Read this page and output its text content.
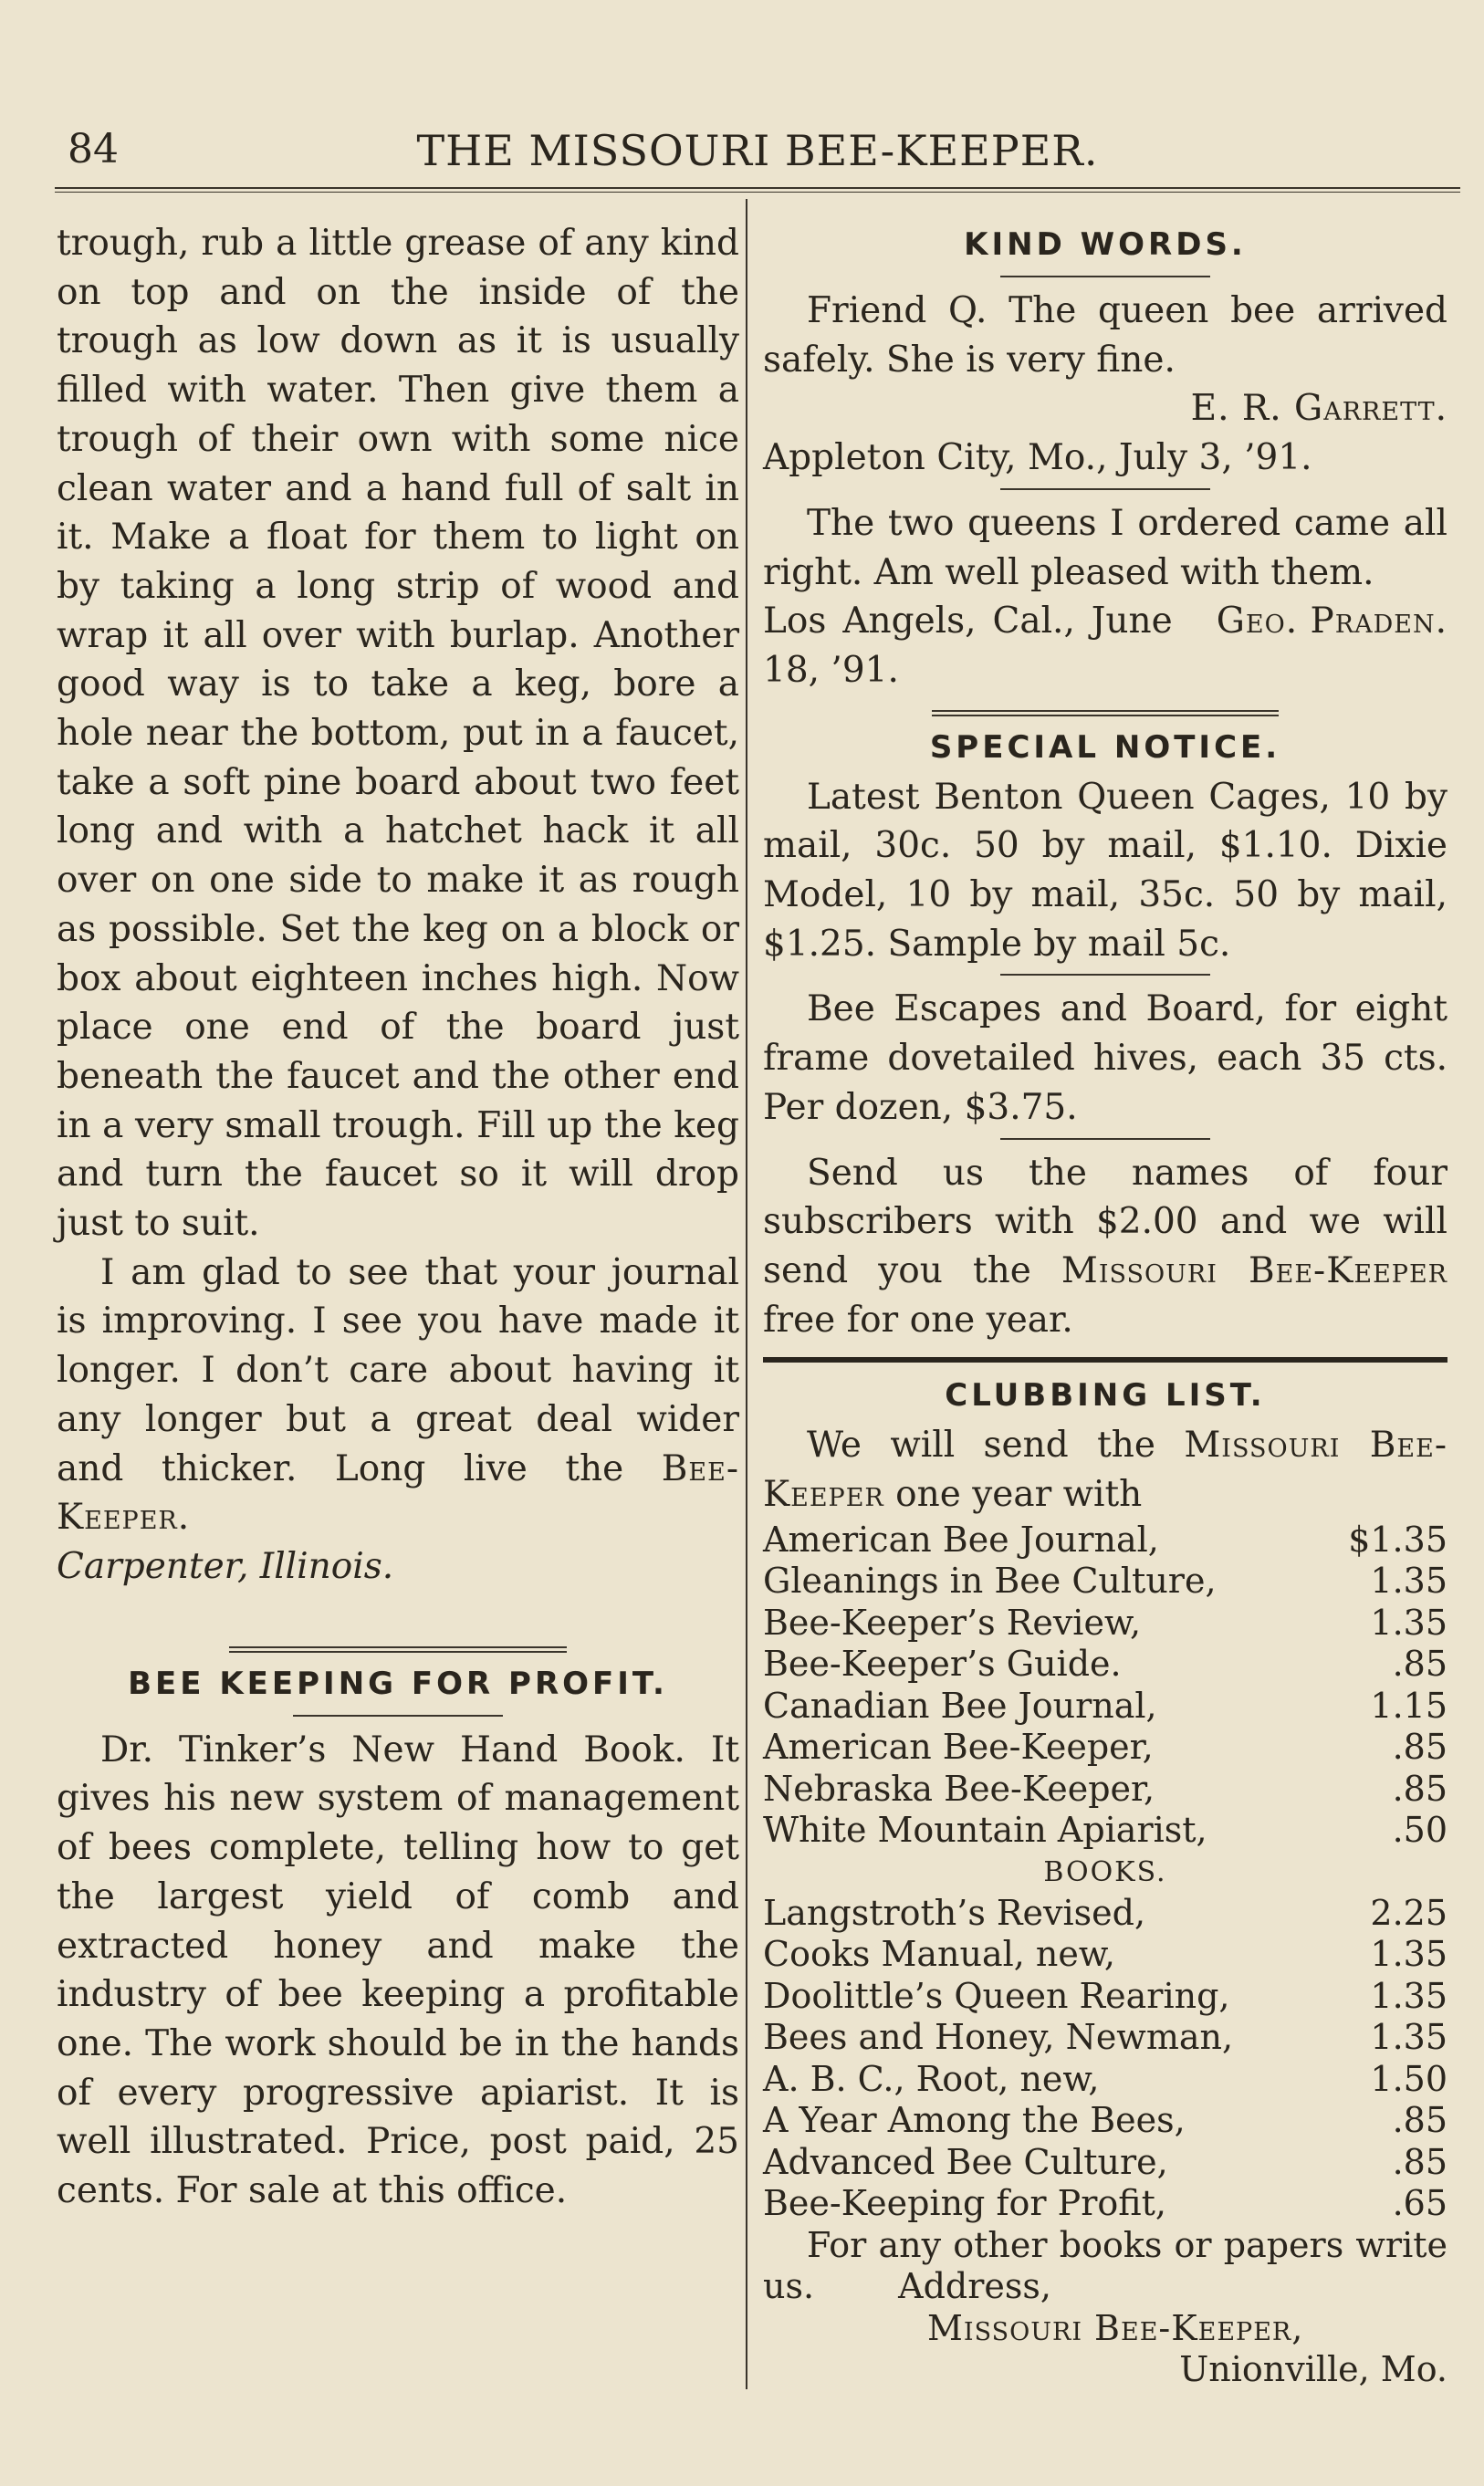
84	THE MISSOURI BEE-KEEPER.

trough, rub a little grease of any kind on top and on the inside of the trough as low down as it is usually filled with water. Then give them a trough of their own with some nice clean water and a hand full of salt in it. Make a float for them to light on by taking a long strip of wood and wrap it all over with burlap. Another good way is to take a keg, bore a hole near the bottom, put in a faucet, take a soft pine board about two feet long and with a hatchet hack it all over on one side to make it as rough as possible. Set the keg on a block or box about eighteen inches high. Now place one end of the board just beneath the faucet and the other end in a very small trough. Fill up the keg and turn the faucet so it will drop just to suit.

I am glad to see that your journal is improving. I see you have made it longer. I don’t care about having it any longer but a great deal wider and thicker. Long live the Bee-Keeper.

Carpenter, Illinois.

BEE KEEPING FOR PROFIT.

Dr. Tinker’s New Hand Book. It gives his new system of management of bees complete, telling how to get the largest yield of comb and extracted honey and make the industry of bee keeping a profitable one. The work should be in the hands of every progressive apiarist. It is well illustrated. Price, post paid, 25 cents. For sale at this office.

KIND WORDS.

Friend Q. The queen bee arrived safely. She is very fine.

E. R. Garrett.

Appleton City, Mo., July 3, ’91.

The two queens I ordered came all right. Am well pleased with them.
Geo. Praden.

Los Angels, Cal., June 18, ’91.

SPECIAL NOTICE.

Latest Benton Queen Cages, 10 by mail, 30c. 50 by mail, $1.10. Dixie Model, 10 by mail, 35c. 50 by mail, $1.25. Sample by mail 5c.

Bee Escapes and Board, for eight frame dovetailed hives, each 35 cts. Per dozen, $3.75.

Send us the names of four subscribers with $2.00 and we will send you the Missouri Bee-Keeper free for one year.

CLUBBING LIST.

We will send the Missouri Bee-Keeper one year with

American Bee Journal,	$1.35
Gleanings in Bee Culture,	1.35
Bee-Keeper’s Review,	1.35
Bee-Keeper’s Guide.	.85
Canadian Bee Journal,	1.15
American Bee-Keeper,	.85
Nebraska Bee-Keeper,	.85
White Mountain Apiarist,	.50
BOOKS.
Langstroth’s Revised,	2.25
Cooks Manual, new,	1.35
Doolittle’s Queen Rearing,	1.35
Bees and Honey, Newman,	1.35
A. B. C., Root, new,	1.50
A Year Among the Bees,	.85
Advanced Bee Culture,	.85
Bee-Keeping for Profit,	.65

For any other books or papers write us. Address,

Missouri Bee-Keeper,
Unionville, Mo.
